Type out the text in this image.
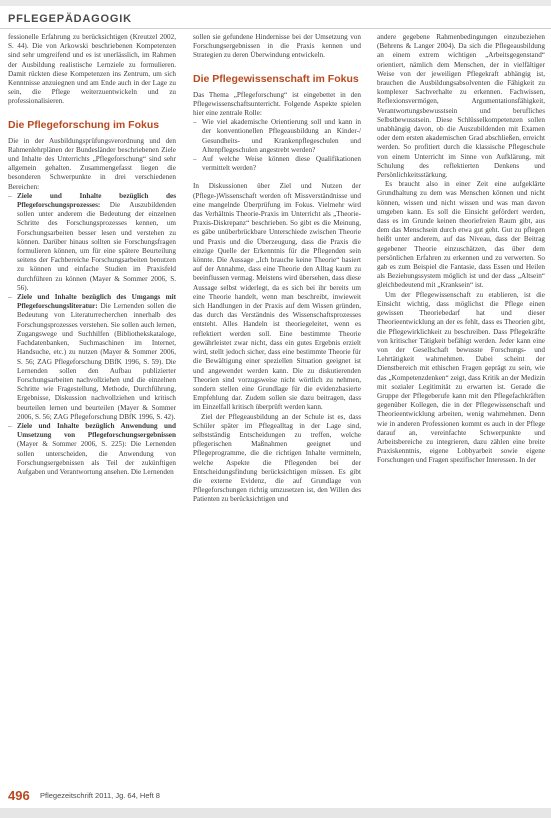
PFLEGEPÄDAGOGIK

fessionelle Erfahrung zu berücksichtigen (Kreutzel 2002, S. 44). Die von Arkowski beschriebenen Kompetenzen sind sehr umgreifend und es ist unerlässlich, im Rahmen der Ausbildung realistische Lernziele zu formulieren. Damit rückten diese Kompetenzen ins Zentrum, um sich Kenntnisse anzuiegnen und am Ende auch in der Lage zu sein, die Pflege weiterzuentwickeln und zu professionalisieren.

Die Pflegeforschung im Fokus

Die in der Ausbildungsprüfungsverordnung und den Rahmenlehrplänen der Bundesländer beschriebenen Ziele und Inhalte des Unterrichts „Pflegeforschung“ sind sehr allgemein gehalten. Zusammengefasst liegen die besonderen Schwerpunkte in drei verschiedenen Bereichen:

– Ziele und Inhalte bezüglich des Pflegeforschungsprozesses: Die Auszubildenden sollen unter anderem die Bedeutung der einzelnen Schritte des Forschungsprozesses kennen, um Forschungsarbeiten besser lesen und verstehen zu können. Darüber hinaus sollten sie Forschungsfragen formulieren können, um für eine spätere Beurteilung seitens der Fachbereiche Forschungsarbeiten benutzen zu können und einfache Studien im Praxisfeld durchführen zu können (Mayer & Sommer 2006, S. 56).
– Ziele und Inhalte bezüglich des Umgangs mit Pflegeforschungsliteratur: Die Lernenden sollen die Bedeutung von Literaturrecherchen innerhalb des Forschungsprozesses verstehen. Sie sollen auch lernen, Zugangswege und Suchhilfen (Bibliothekskataloge, Fachdatenbanken, Suchmaschinen im Internet, Handsuche, etc.) zu nutzen (Mayer & Sommer 2006, S. 56; ZAG Pflegeforschung DBfK 1996, S. 59). Die Lernenden sollen den Aufbau publizierter Forschungsarbeiten nachvollziehen und die einzelnen Schritte wie Fragestellung, Methode, Durchführung, Ergebnisse, Diskussion nachvollziehen und kritisch beurteilen lernen und beurteilen (Mayer & Sommer 2006, S. 56; ZAG Pflegeforschung DBfK 1996, S. 42).
– Ziele und Inhalte bezüglich Anwendung und Umsetzung von Pflegeforschungsergebnissen (Mayer & Sommer 2006, S. 225): Die Lernenden sollen unterscheiden, die Anwendung von Forschungsergebnissen als Teil der zukünftigen Aufgaben und Verantwortung ansehen. Die Lernenden

sollen sie gefundene Hindernisse bei der Umsetzung von Forschungsergebnissen in die Praxis kennen und Strategien zu deren Überwindung entwickeln.

Die Pflegewissenschaft im Fokus

Das Thema „Pflegeforschung“ ist eingebettet in den Pflegewissenschaftsunterricht. Folgende Aspekte spielen hier eine zentrale Rolle:

– Wie viel akademische Orientierung soll und kann in der konventionellen Pflegeausbildung an Kinder-/ Gesundheits- und Krankenpflegeschulen und Altenpflegeschulen angestrebt werden?
– Auf welche Weise können diese Qualifikationen vermittelt werden?

In Diskussionen über Ziel und Nutzen der (Pflege-)Wissenschaft werden oft Missverständnisse und eine mangelnde Überprüfung im Fokus. Vielmehr wird das Verhältnis Theorie-Praxis im Unterricht als „Theorie-Praxis-Diskrepanz“ beschrieben. So gibt es die Meinung, es gäbe unüberbrückbare Unterschiede zwischen Theorie und Praxis und die Überzeugung, dass die Praxis die einzige Quelle der Erkenntnis für die Pflegenden sein könnte. Die Aussage „Ich brauche keine Theorie“ basiert auf der Annahme, dass eine Theorie den Alltag kaum zu beeinflussen vermag. Meistens wird übersehen, dass diese Aussage selbst widerlegt, da es sich bei ihr bereits um eine Theorie handelt, wenn man beschreibt, inwieweit sich Handlungen in der Praxis auf dem Wissen gründen, das durch das Verständnis des Wissenschaftsprozesses entsteht. Alles Handeln ist theoriegeleitet, wenn es reflektiert werden soll. Eine bestimmte Theorie gewährleistet zwar nicht, dass ein gutes Ergebnis erzielt wird, stellt jedoch sicher, dass eine bestimmte Theorie für die Bewältigung einer speziellen Situation geeignet ist und angewendet werden kann. Die zu diskutierenden Theorien sind vorzugsweise nicht wörtlich zu nehmen, sondern stellen eine Grundlage für die evidenzbasierte Empfehlung dar. Zudem sollen sie dazu beitragen, dass im Einzelfall kritisch überprüft werden kann.

Ziel der Pflegeausbildung an der Schule ist es, dass Schüler später im Pflegealltag in der Lage sind, selbstständig Entscheidungen zu treffen, welche pflegerischen Maßnahmen geeignet und Pflegeprogramme, die die richtigen Inhalte vermitteln, welche Aspekte die Pflegenden bei der Entscheidungsfindung berücksichtigen müssen. Es gibt die externe Evidenz, die auf Grundlage von Pflegeforschungen richtig umzusetzen ist, den Willen des Patienten zu berücksichtigen und

andere gegebene Rahmenbedingungen einzubeziehen (Behrens & Langer 2004). Da sich die Pflegeausbildung an einem extrem wichtigen „Arbeitsgegenstand“ orientiert, nämlich dem Menschen, der in vielfältiger Weise von der jeweiligen Pflegekraft abhängig ist, brauchen die Ausbildungsabsolventen die Fähigkeit zu komplexer Sachverhalte zu erkennen. Fachwissen, Reflexionsvermögen, Argumentationsfähigkeit, Verantwortungsbewusstsein und berufliches Selbstbewusstsein. Diese Schlüsselkompetenzen sollen unabhängig davon, ob die Auszubildenden mit Examen oder dem ersten akademischen Grad abschließen, erreicht werden. So profitiert durch die klassische Pflegeschule von einem Unterricht im Sinne von Aufklärung, mit Schulung des reflektierten Denkens und Persönlichkeitsstärkung.

Es braucht also in einer Zeit eine aufgeklärte Grundhaltung zu dem was Menschen können und nicht können, wissen und nicht wissen und was man davon umgeben kann. Es soll die Einsicht gefördert werden, dass es im Grunde keinen theoriefreien Raum gibt, aus dem das Menschsein durch etwa gut geht. Gut zu pflegen heißt unter anderem, auf das Niveau, dass der Beitrag gegebener Theorie einzuschätzen, das über dem persönlichen Erfahren zu erkennen und zu verwerten. So gab es zum Beispiel die Fantasie, dass Essen und Heilen als Beziehungssystem möglich ist und der dass „Altsein“ gleichbedeutend mit „Kranksein“ ist.

Um der Pflegewissenschaft zu etablieren, ist die Einsicht wichtig, dass möglichst die Pflege einen gewissen Theoriebedarf hat und dieser Theorieentwicklung an der es fehlt, dass es Theorien gibt, die Pflegewirklichkeit zu beschreiben. Dass Pflegekräfte von kritischer Tätigkeit befähigt werden. Jeder kann eine von der Gesellschaft bewusste Forschungs- und Lehrtätigkeit wahrnehmen. Dabei scheint der Dienstbereich mit ethischen Fragen geprägt zu sein, wie das „Kompetenzdenken“ zeigt, dass Kritik an der Medizin mit sozialer Legitimität zu erwarten ist. Gerade die Gruppe der Pflegeberufe kann mit den Pflegefachkräften gegenüber Kollegen, die in der Pflegewissenschaft und Theorieentwicklung arbeiten, wenig wahrnehmen. Denn wie in anderen Professionen kommt es auch in der Pflege darauf an, vereinfachte Schwerpunkte und Arbeitsbereiche zu integrieren, dazu zählen eine breite Praxiskenntnis, eigene Lobbyarbeit sowie eigene Forschungen und Fragen spezifischer Interessen. In der

496 Pflegezeitschrift 2011, Jg. 64, Heft 8
